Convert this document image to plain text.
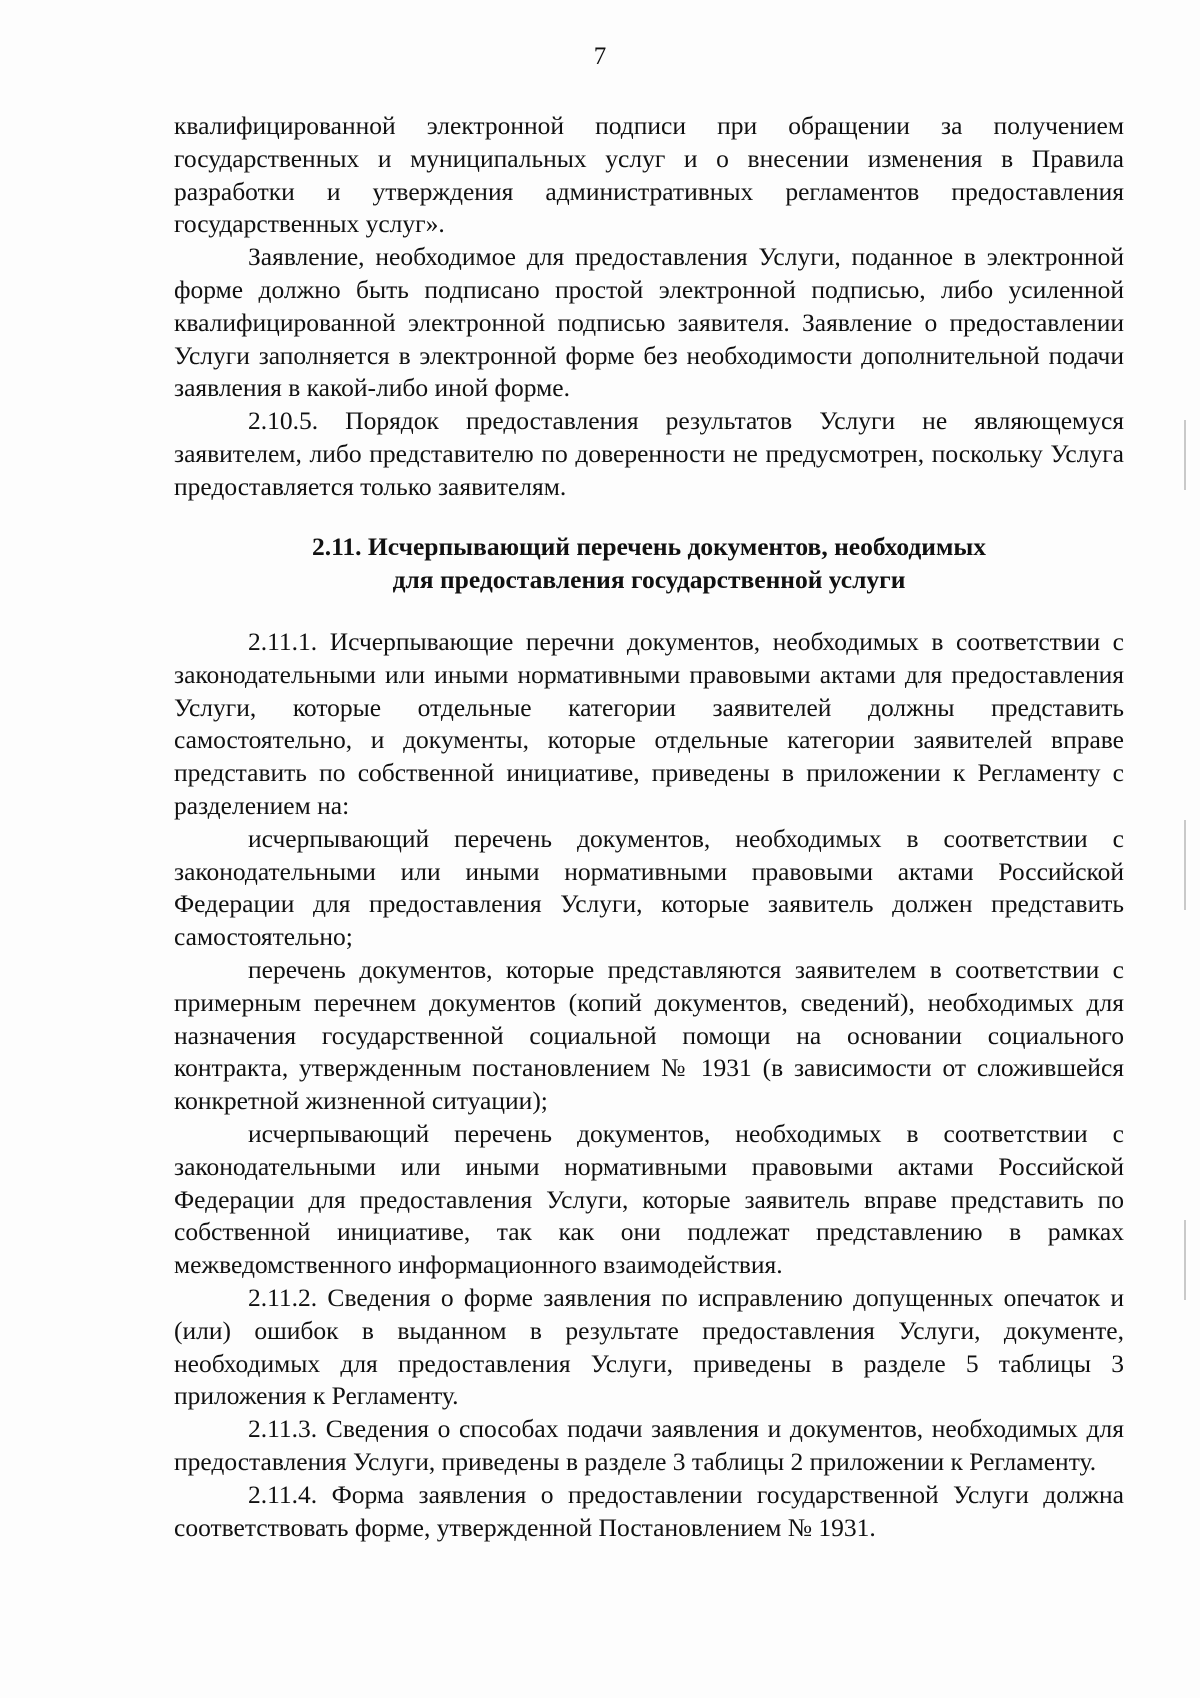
7

квалифицированной электронной подписи при обращении за получением государственных и муниципальных услуг и о внесении изменения в Правила разработки и утверждения административных регламентов предоставления государственных услуг».

Заявление, необходимое для предоставления Услуги, поданное в электронной форме должно быть подписано простой электронной подписью, либо усиленной квалифицированной электронной подписью заявителя. Заявление о предоставлении Услуги заполняется в электронной форме без необходимости дополнительной подачи заявления в какой-либо иной форме.

2.10.5. Порядок предоставления результатов Услуги не являющемуся заявителем, либо представителю по доверенности не предусмотрен, поскольку Услуга предоставляется только заявителям.

2.11. Исчерпывающий перечень документов, необходимых
для предоставления государственной услуги

2.11.1. Исчерпывающие перечни документов, необходимых в соответствии с законодательными или иными нормативными правовыми актами для предоставления Услуги, которые отдельные категории заявителей должны представить самостоятельно, и документы, которые отдельные категории заявителей вправе представить по собственной инициативе, приведены в приложении к Регламенту с разделением на:

исчерпывающий перечень документов, необходимых в соответствии с законодательными или иными нормативными правовыми актами Российской Федерации для предоставления Услуги, которые заявитель должен представить самостоятельно;

перечень документов, которые представляются заявителем в соответствии с примерным перечнем документов (копий документов, сведений), необходимых для назначения государственной социальной помощи на основании социального контракта, утвержденным постановлением № 1931 (в зависимости от сложившейся конкретной жизненной ситуации);

исчерпывающий перечень документов, необходимых в соответствии с законодательными или иными нормативными правовыми актами Российской Федерации для предоставления Услуги, которые заявитель вправе представить по собственной инициативе, так как они подлежат представлению в рамках межведомственного информационного взаимодействия.

2.11.2. Сведения о форме заявления по исправлению допущенных опечаток и (или) ошибок в выданном в результате предоставления Услуги, документе, необходимых для предоставления Услуги, приведены в разделе 5 таблицы 3 приложения к Регламенту.

2.11.3. Сведения о способах подачи заявления и документов, необходимых для предоставления Услуги, приведены в разделе 3 таблицы 2 приложении к Регламенту.

2.11.4. Форма заявления о предоставлении государственной Услуги должна соответствовать форме, утвержденной Постановлением № 1931.
